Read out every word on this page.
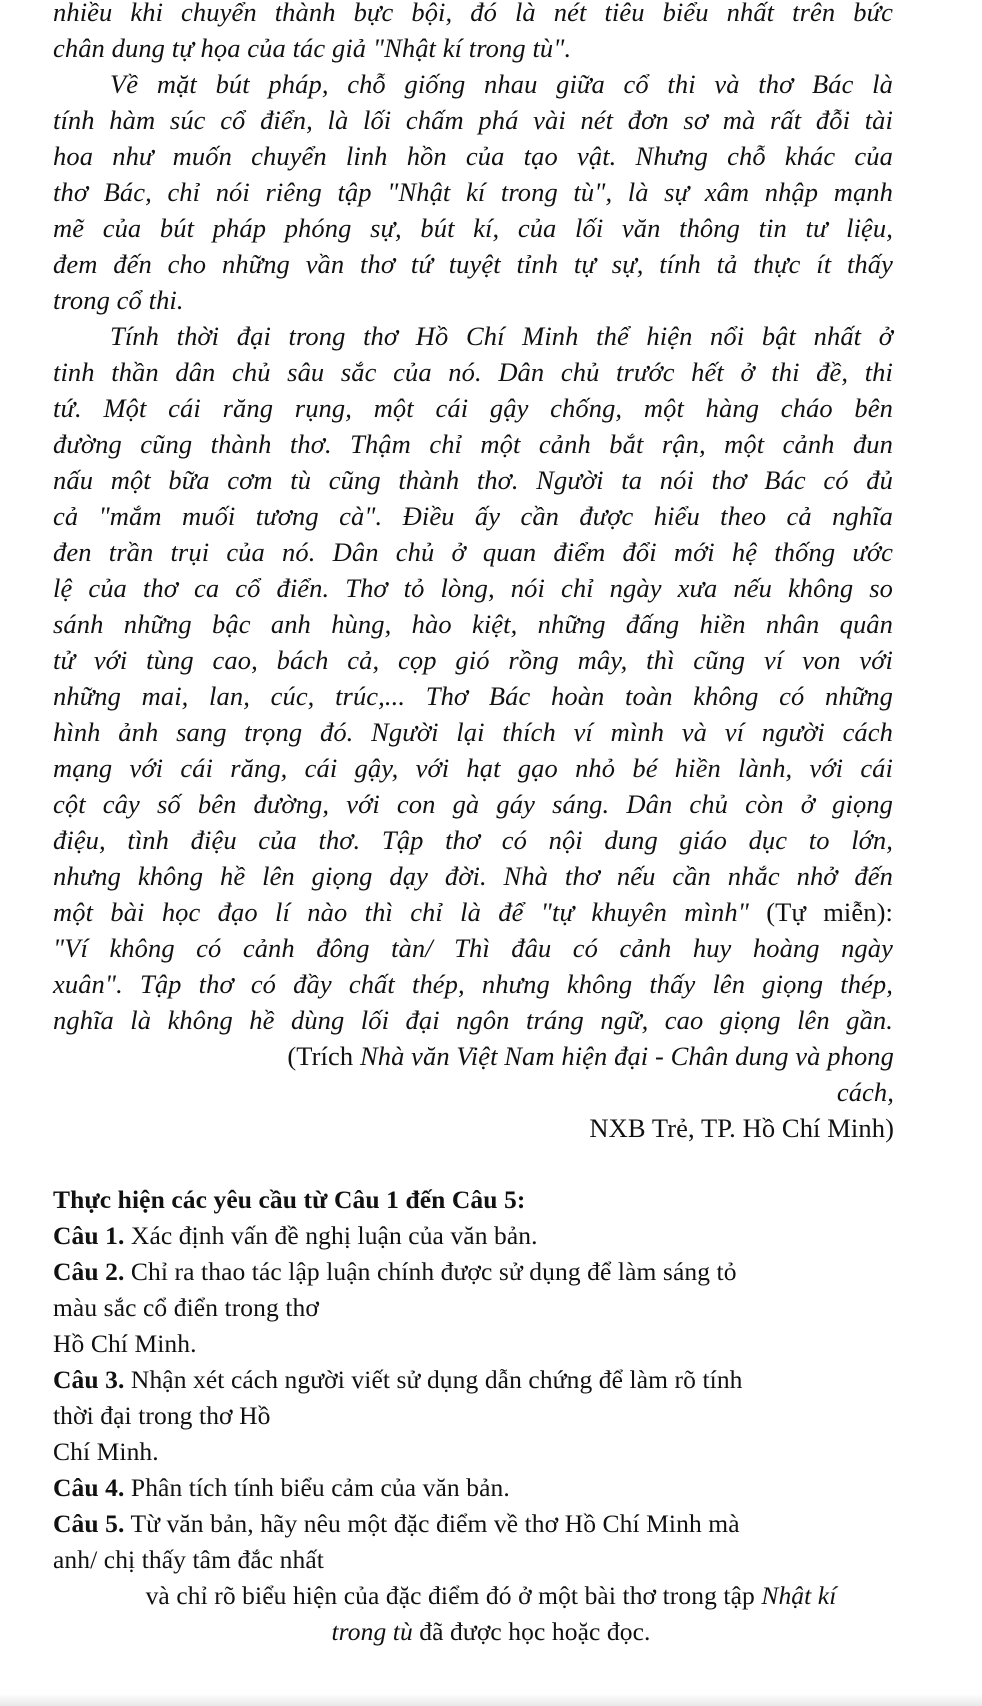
nhiều khi chuyển thành bực bội, đó là nét tiêu biểu nhất trên bức
chân dung tự họa của tác giả "Nhật kí trong tù".
Về mặt bút pháp, chỗ giống nhau giữa cổ thi và thơ Bác là
tính hàm súc cổ điển, là lối chấm phá vài nét đơn sơ mà rất đỗi tài
hoa như muốn chuyển linh hồn của tạo vật. Nhưng chỗ khác của
thơ Bác, chỉ nói riêng tập "Nhật kí trong tù", là sự xâm nhập mạnh
mẽ của bút pháp phóng sự, bút kí, của lối văn thông tin tư liệu,
đem đến cho những vần thơ tứ tuyệt tỉnh tự sự, tính tả thực ít thấy
trong cổ thi.
Tính thời đại trong thơ Hồ Chí Minh thể hiện nổi bật nhất ở
tinh thần dân chủ sâu sắc của nó. Dân chủ trước hết ở thi đề, thi
tứ. Một cái răng rụng, một cái gậy chống, một hàng cháo bên
đường cũng thành thơ. Thậm chỉ một cảnh bắt rận, một cảnh đun
nấu một bữa cơm tù cũng thành thơ. Người ta nói thơ Bác có đủ
cả "mắm muối tương cà". Điều ấy cần được hiểu theo cả nghĩa
đen trần trụi của nó. Dân chủ ở quan điểm đổi mới hệ thống ước
lệ của thơ ca cổ điển. Thơ tỏ lòng, nói chỉ ngày xưa nếu không so
sánh những bậc anh hùng, hào kiệt, những đấng hiền nhân quân
tử với tùng cao, bách cả, cọp gió rồng mây, thì cũng ví von với
những mai, lan, cúc, trúc,... Thơ Bác hoàn toàn không có những
hình ảnh sang trọng đó. Người lại thích ví mình và ví người cách
mạng với cái răng, cái gậy, với hạt gạo nhỏ bé hiền lành, với cái
cột cây số bên đường, với con gà gáy sáng. Dân chủ còn ở giọng
điệu, tình điệu của thơ. Tập thơ có nội dung giáo dục to lớn,
nhưng không hề lên giọng dạy đời. Nhà thơ nếu cần nhắc nhở đến
một bài học đạo lí nào thì chỉ là để "tự khuyên mình" (Tự miễn):
"Ví không có cảnh đông tàn/ Thì đâu có cảnh huy hoàng ngày
xuân". Tập thơ có đầy chất thép, nhưng không thấy lên giọng thép,
nghĩa là không hề dùng lối đại ngôn tráng ngữ, cao giọng lên gần.
(Trích Nhà văn Việt Nam hiện đại - Chân dung và phong
cách,
NXB Trẻ, TP. Hồ Chí Minh)
Thực hiện các yêu cầu từ Câu 1 đến Câu 5:
Câu 1. Xác định vấn đề nghị luận của văn bản.
Câu 2. Chỉ ra thao tác lập luận chính được sử dụng để làm sáng tỏ
màu sắc cổ điển trong thơ
Hồ Chí Minh.
Câu 3. Nhận xét cách người viết sử dụng dẫn chứng để làm rõ tính
thời đại trong thơ Hồ
Chí Minh.
Câu 4. Phân tích tính biểu cảm của văn bản.
Câu 5. Từ văn bản, hãy nêu một đặc điểm về thơ Hồ Chí Minh mà
anh/ chị thấy tâm đắc nhất
và chỉ rõ biểu hiện của đặc điểm đó ở một bài thơ trong tập Nhật kí
trong tù đã được học hoặc đọc.
